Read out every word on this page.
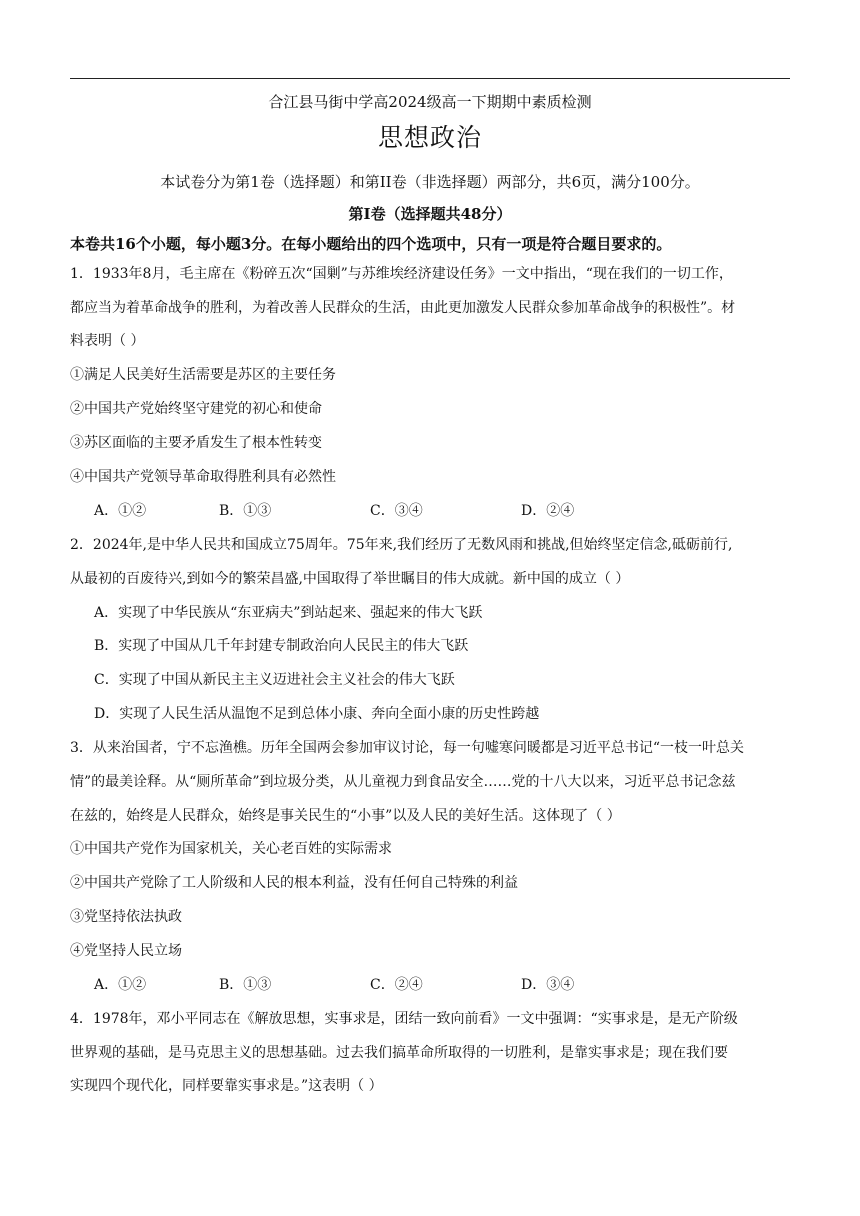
合江县马街中学高2024级高一下期期中素质检测
思想政治
本试卷分为第1卷（选择题）和第II卷（非选择题）两部分，共6页，满分100分。
第I卷（选择题共48分）
本卷共16个小题，每小题3分。在每小题给出的四个选项中，只有一项是符合题目要求的。
1．1933年8月，毛主席在《粉碎五次“国剿”与苏维埃经济建设任务》一文中指出，“现在我们的一切工作，
都应当为着革命战争的胜利，为着改善人民群众的生活，由此更加激发人民群众参加革命战争的积极性”。材
料表明（ ）
①满足人民美好生活需要是苏区的主要任务
②中国共产党始终坚守建党的初心和使命
③苏区面临的主要矛盾发生了根本性转变
④中国共产党领导革命取得胜利具有必然性
A．①②	B．①③	C．③④	D．②④
2．2024年,是中华人民共和国成立75周年。75年来,我们经历了无数风雨和挑战,但始终坚定信念,砥砺前行,
从最初的百废待兴,到如今的繁荣昌盛,中国取得了举世瞩目的伟大成就。新中国的成立（ ）
A．实现了中华民族从“东亚病夫”到站起来、强起来的伟大飞跃
B．实现了中国从几千年封建专制政治向人民民主的伟大飞跃
C．实现了中国从新民主主义迈进社会主义社会的伟大飞跃
D．实现了人民生活从温饱不足到总体小康、奔向全面小康的历史性跨越
3．从来治国者，宁不忘渔樵。历年全国两会参加审议讨论，每一句嘘寒问暖都是习近平总书记“一枝一叶总关
情”的最美诠释。从“厕所革命”到垃圾分类，从儿童视力到食品安全……党的十八大以来，习近平总书记念兹
在兹的，始终是人民群众，始终是事关民生的“小事”以及人民的美好生活。这体现了（ ）
①中国共产党作为国家机关，关心老百姓的实际需求
②中国共产党除了工人阶级和人民的根本利益，没有任何自己特殊的利益
③党坚持依法执政
④党坚持人民立场
A．①②	B．①③	C．②④	D．③④
4．1978年，邓小平同志在《解放思想，实事求是，团结一致向前看》一文中强调：“实事求是，是无产阶级
世界观的基础，是马克思主义的思想基础。过去我们搞革命所取得的一切胜利，是靠实事求是；现在我们要
实现四个现代化，同样要靠实事求是。”这表明（ ）
